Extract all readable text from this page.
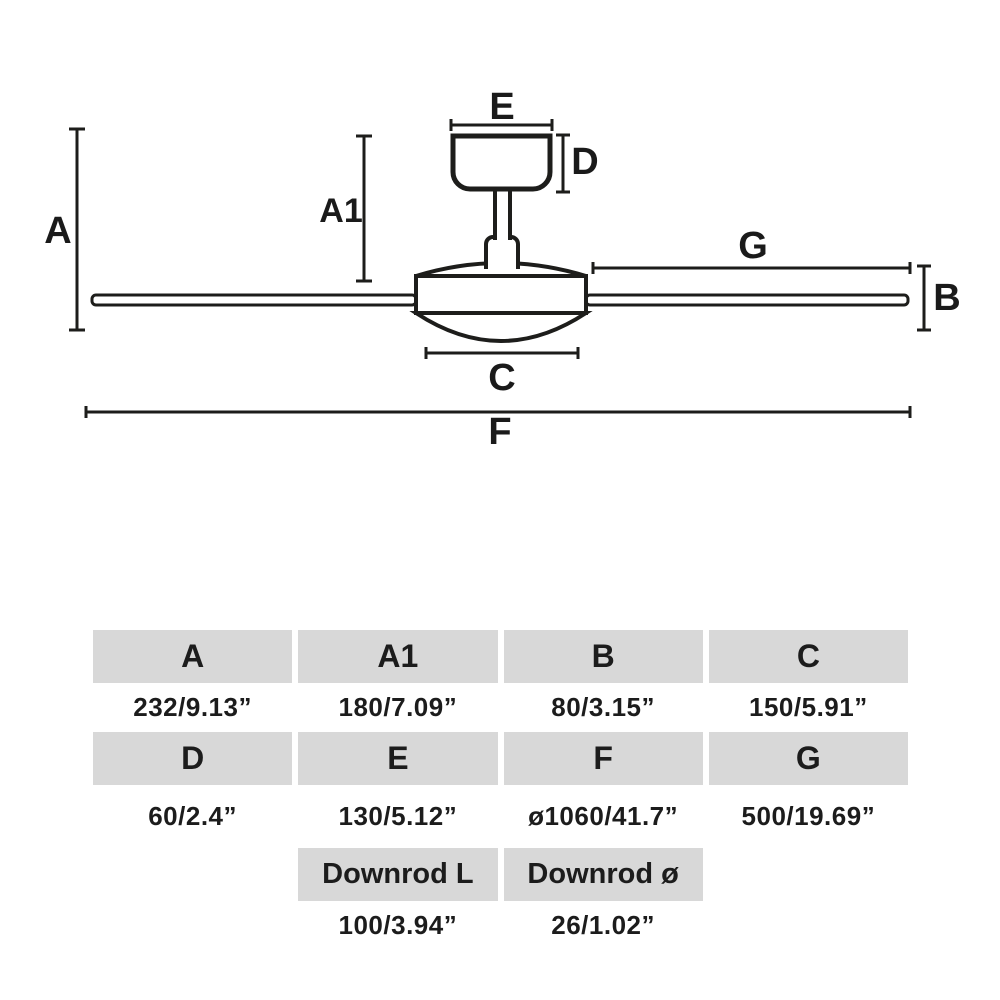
A	A1
E
D
G
B
C
F
A	A1	B	C
232/9.13”	180/7.09”	80/3.15”	150/5.91”
D	E	F	G
60/2.4”	130/5.12”	ø1060/41.7”	500/19.69”
Downrod L	Downrod ø
100/3.94”	26/1.02”
